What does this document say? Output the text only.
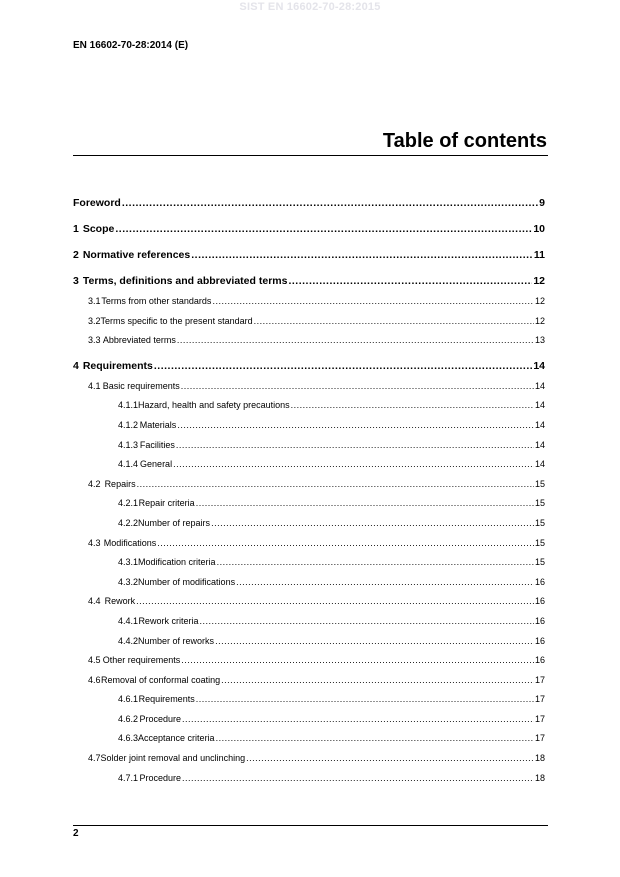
SIST EN 16602-70-28:2015
EN 16602-70-28:2014 (E)
Table of contents
Foreword .....	9
1 Scope .....	10
2 Normative references .....	11
3 Terms, definitions and abbreviated terms .....	12
3.1 Terms from other standards .....	12
3.2 Terms specific to the present standard .....	12
3.3 Abbreviated terms .....	13
4 Requirements .....	14
4.1 Basic requirements .....	14
4.1.1 Hazard, health and safety precautions .....	14
4.1.2 Materials .....	14
4.1.3 Facilities .....	14
4.1.4 General .....	14
4.2 Repairs .....	15
4.2.1 Repair criteria .....	15
4.2.2 Number of repairs .....	15
4.3 Modifications .....	15
4.3.1 Modification criteria .....	15
4.3.2 Number of modifications .....	16
4.4 Rework .....	16
4.4.1 Rework criteria .....	16
4.4.2 Number of reworks .....	16
4.5 Other requirements .....	16
4.6 Removal of conformal coating .....	17
4.6.1 Requirements .....	17
4.6.2 Procedure .....	17
4.6.3 Acceptance criteria .....	17
4.7 Solder joint removal and unclinching .....	18
4.7.1 Procedure .....	18
2
